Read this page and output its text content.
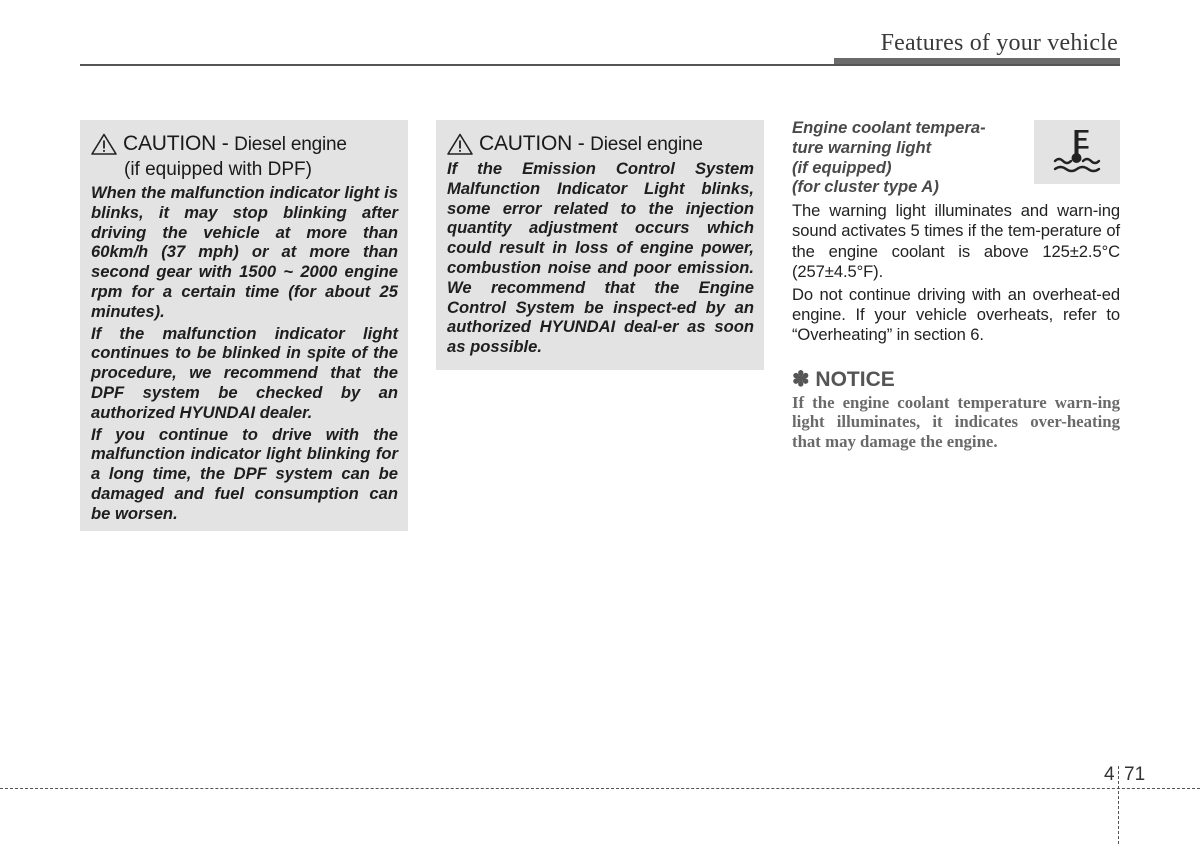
Features of your vehicle
CAUTION - Diesel engine
(if equipped with DPF)

When the malfunction indicator light is blinks, it may stop blinking after driving the vehicle at more than 60km/h (37 mph) or at more than second gear with 1500 ~ 2000 engine rpm for a certain time (for about 25 minutes).

If the malfunction indicator light continues to be blinked in spite of the procedure, we recommend that the DPF system be checked by an authorized HYUNDAI dealer.

If you continue to drive with the malfunction indicator light blinking for a long time, the DPF system can be damaged and fuel consumption can be worsen.

CAUTION - Diesel engine

If the Emission Control System Malfunction Indicator Light blinks, some error related to the injection quantity adjustment occurs which could result in loss of engine power, combustion noise and poor emission. We recommend that the Engine Control System be inspect-ed by an authorized HYUNDAI deal-er as soon as possible.

Engine coolant tempera-
ture warning light
(if equipped)
(for cluster type A)

The warning light illuminates and warn-ing sound activates 5 times if the tem-perature of the engine coolant is above 125±2.5°C (257±4.5°F).

Do not continue driving with an overheat-ed engine. If your vehicle overheats, refer to “Overheating” in section 6.

✽ NOTICE
If the engine coolant temperature warn-ing light illuminates, it indicates over-heating that may damage the engine.
4 71
